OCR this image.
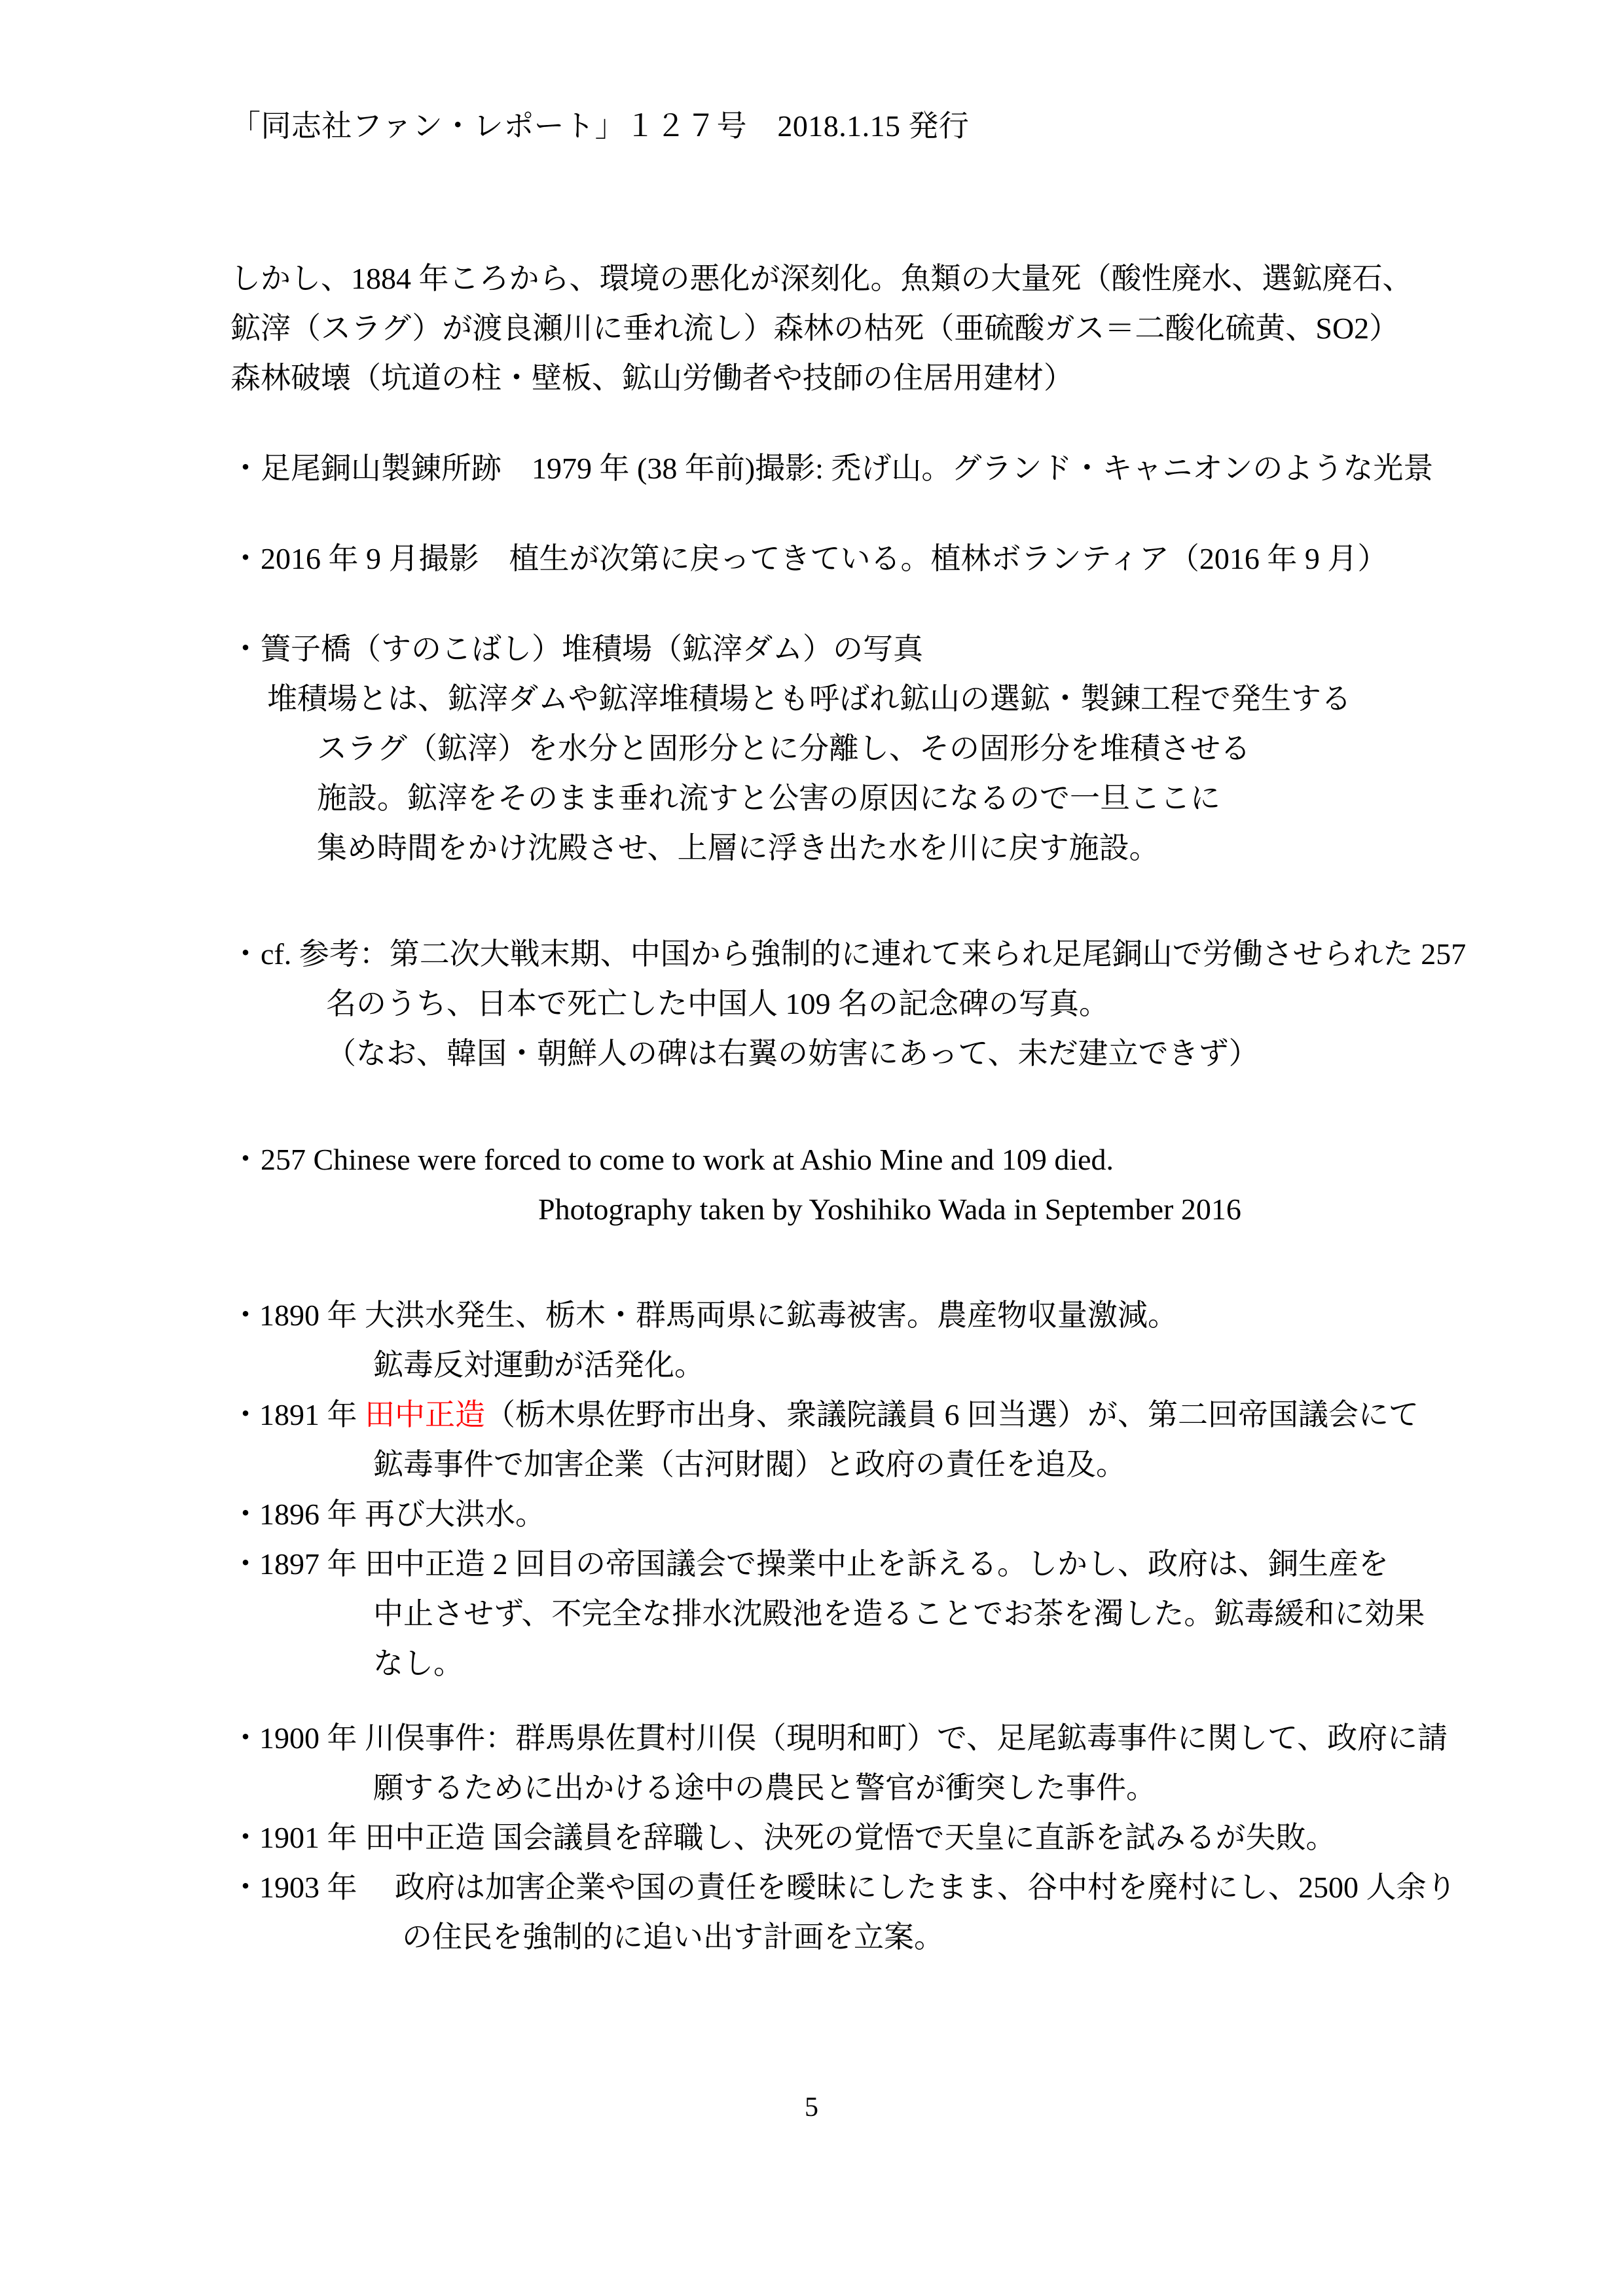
「同志社ファン・レポート」１２７号　2018.1.15 発行
しかし、1884 年ころから、環境の悪化が深刻化。魚類の大量死（酸性廃水、選鉱廃石、
鉱滓（スラグ）が渡良瀬川に垂れ流し）森林の枯死（亜硫酸ガス＝二酸化硫黄、SO2）
森林破壊（坑道の柱・壁板、鉱山労働者や技師の住居用建材）
・足尾銅山製錬所跡　1979 年 (38 年前)撮影: 禿げ山。グランド・キャニオンのような光景
・2016 年 9 月撮影　植生が次第に戻ってきている。植林ボランティア（2016 年 9 月）
・簀子橋（すのこばし）堆積場（鉱滓ダム）の写真
堆積場とは、鉱滓ダムや鉱滓堆積場とも呼ばれ鉱山の選鉱・製錬工程で発生する
スラグ（鉱滓）を水分と固形分とに分離し、その固形分を堆積させる
施設。鉱滓をそのまま垂れ流すと公害の原因になるので一旦ここに
集め時間をかけ沈殿させ、上層に浮き出た水を川に戻す施設。
・cf. 参考：第二次大戦末期、中国から強制的に連れて来られ足尾銅山で労働させられた 257
名のうち、日本で死亡した中国人 109 名の記念碑の写真。
（なお、韓国・朝鮮人の碑は右翼の妨害にあって、未だ建立できず）
・257 Chinese were forced to come to work at Ashio Mine and 109 died.
Photography taken by Yoshihiko Wada in September 2016
・1890 年 大洪水発生、栃木・群馬両県に鉱毒被害。農産物収量激減。
鉱毒反対運動が活発化。
・1891 年 田中正造（栃木県佐野市出身、衆議院議員 6 回当選）が、第二回帝国議会にて
鉱毒事件で加害企業（古河財閥）と政府の責任を追及。
・1896 年 再び大洪水。
・1897 年 田中正造 2 回目の帝国議会で操業中止を訴える。しかし、政府は、銅生産を
中止させず、不完全な排水沈殿池を造ることでお茶を濁した。鉱毒緩和に効果
なし。
・1900 年 川俣事件：群馬県佐貫村川俣（現明和町）で、足尾鉱毒事件に関して、政府に請
願するために出かける途中の農民と警官が衝突した事件。
・1901 年 田中正造 国会議員を辞職し、決死の覚悟で天皇に直訴を試みるが失敗。
・1903 年 　政府は加害企業や国の責任を曖昧にしたまま、谷中村を廃村にし、2500 人余り
の住民を強制的に追い出す計画を立案。
5
